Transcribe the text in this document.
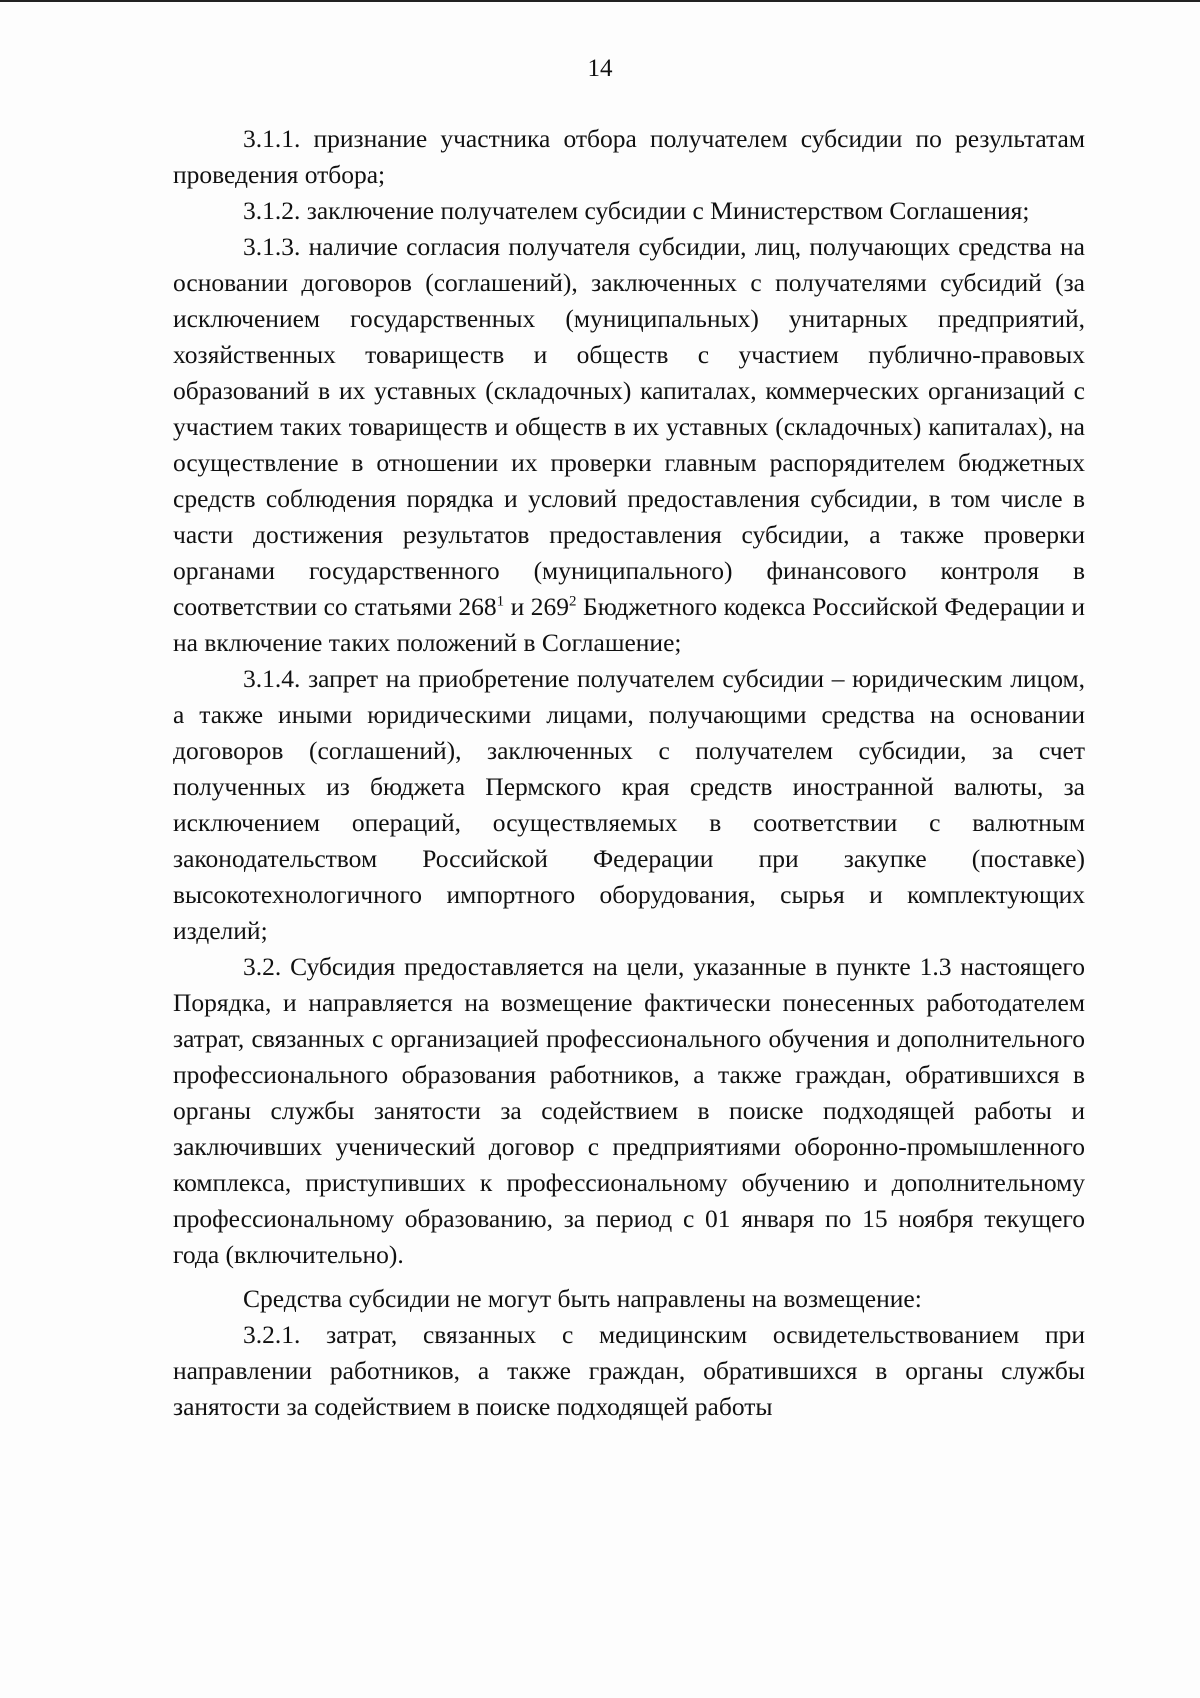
14

3.1.1. признание участника отбора получателем субсидии по результатам проведения отбора;

3.1.2. заключение получателем субсидии с Министерством Соглашения;

3.1.3. наличие согласия получателя субсидии, лиц, получающих средства на основании договоров (соглашений), заключенных с получателями субсидий (за исключением государственных (муниципальных) унитарных предприятий, хозяйственных товариществ и обществ с участием публично-правовых образований в их уставных (складочных) капиталах, коммерческих организаций с участием таких товариществ и обществ в их уставных (складочных) капиталах), на осуществление в отношении их проверки главным распорядителем бюджетных средств соблюдения порядка и условий предоставления субсидии, в том числе в части достижения результатов предоставления субсидии, а также проверки органами государственного (муниципального) финансового контроля в соответствии со статьями $268^1$ и $269^2$ Бюджетного кодекса Российской Федерации и на включение таких положений в Соглашение;

3.1.4. запрет на приобретение получателем субсидии – юридическим лицом, а также иными юридическими лицами, получающими средства на основании договоров (соглашений), заключенных с получателем субсидии, за счет полученных из бюджета Пермского края средств иностранной валюты, за исключением операций, осуществляемых в соответствии с валютным законодательством Российской Федерации при закупке (поставке) высокотехнологичного импортного оборудования, сырья и комплектующих изделий;

3.2. Субсидия предоставляется на цели, указанные в пункте 1.3 настоящего Порядка, и направляется на возмещение фактически понесенных работодателем затрат, связанных с организацией профессионального обучения и дополнительного профессионального образования работников, а также граждан, обратившихся в органы службы занятости за содействием в поиске подходящей работы и заключивших ученический договор с предприятиями оборонно-промышленного комплекса, приступивших к профессиональному обучению и дополнительному профессиональному образованию, за период с 01 января по 15 ноября текущего года (включительно).

Средства субсидии не могут быть направлены на возмещение:

3.2.1. затрат, связанных с медицинским освидетельствованием при направлении работников, а также граждан, обратившихся в органы службы занятости за содействием в поиске подходящей работы
